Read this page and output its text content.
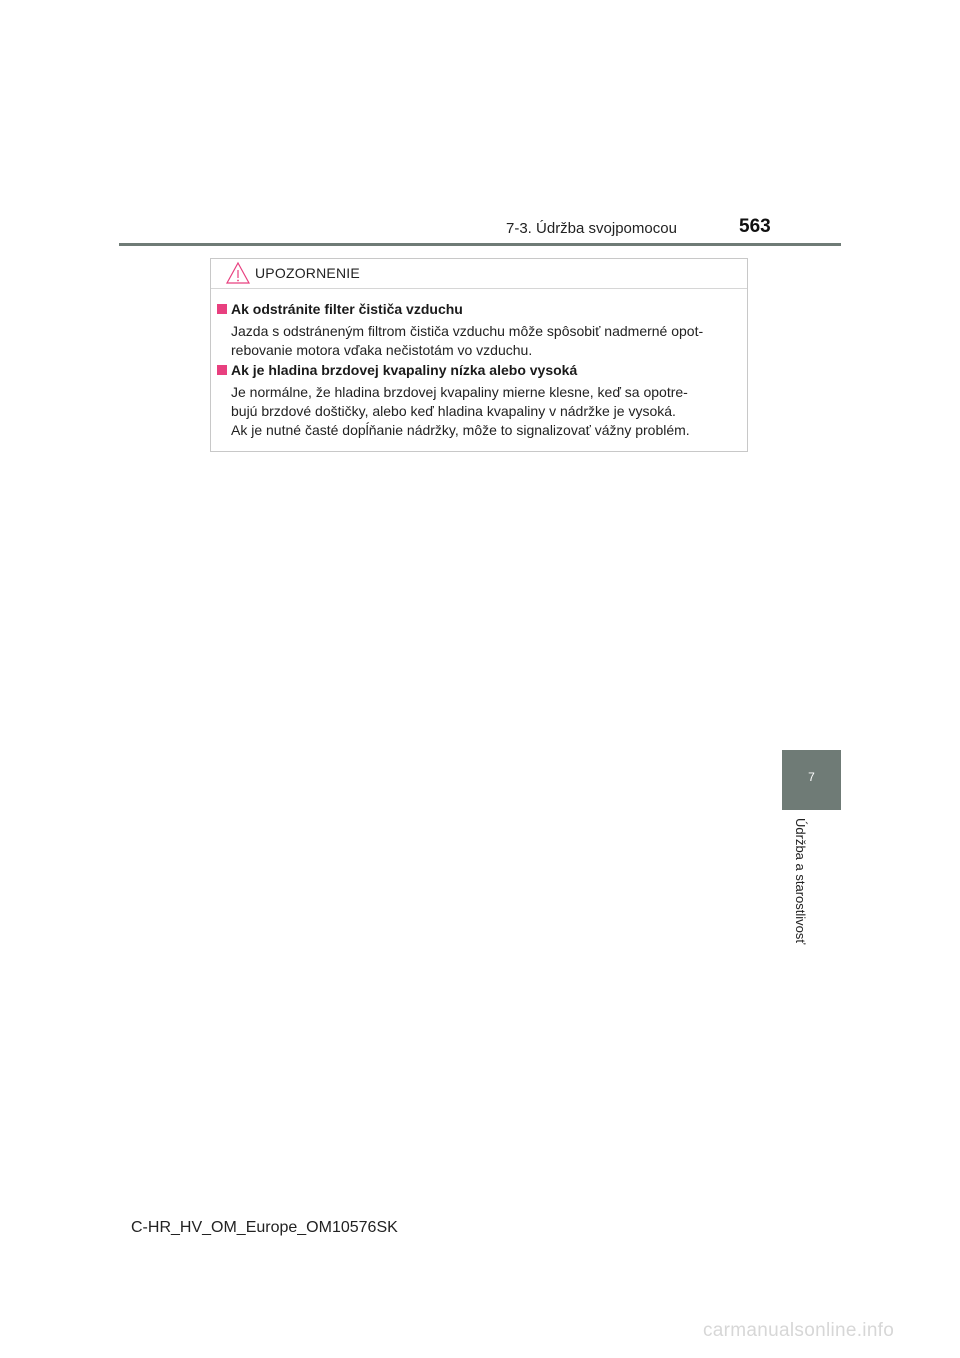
7-3. Údržba svojpomocou	563
UPOZORNENIE
Ak odstránite filter čističa vzduchu

Jazda s odstráneným filtrom čističa vzduchu môže spôsobiť nadmerné opot-

rebovanie motora vďaka nečistotám vo vzduchu.

Ak je hladina brzdovej kvapaliny nízka alebo vysoká

Je normálne, že hladina brzdovej kvapaliny mierne klesne, keď sa opotre-

bujú brzdové doštičky, alebo keď hladina kvapaliny v nádržke je vysoká.

Ak je nutné časté dopĺňanie nádržky, môže to signalizovať vážny problém.

7
Údržba a starostlivosť
C-HR_HV_OM_Europe_OM10576SK
carmanualsonline.info
